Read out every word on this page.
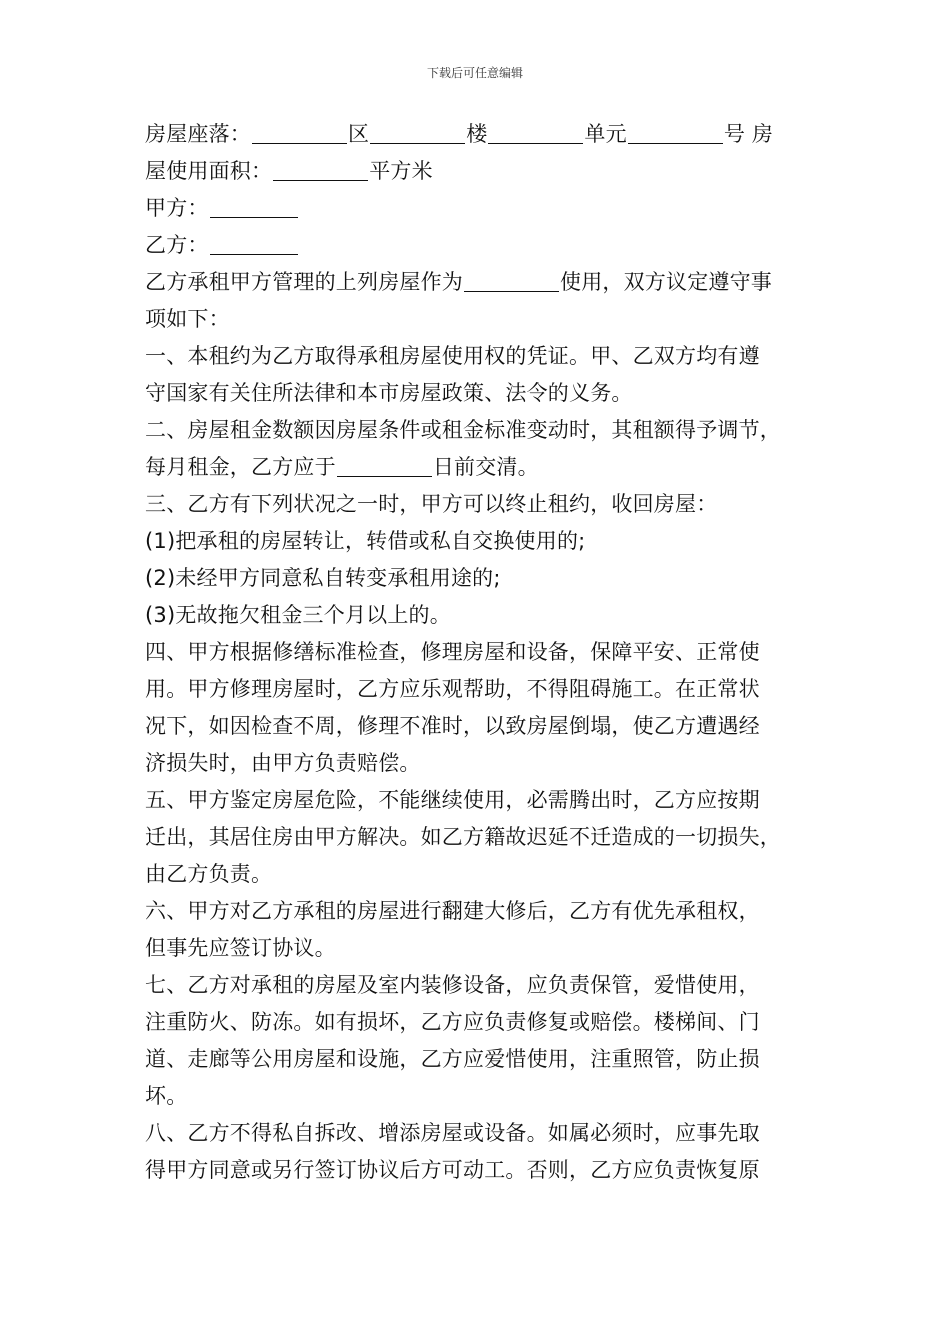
下载后可任意编辑
房屋座落：	区	楼	单元	号 房
屋使用面积：	平方米
甲方：
乙方：
乙方承租甲方管理的上列房屋作为	使用，双方议定遵守事
项如下：
一、本租约为乙方取得承租房屋使用权的凭证。甲、乙双方均有遵
守国家有关住所法律和本市房屋政策、法令的义务。
二、房屋租金数额因房屋条件或租金标准变动时，其租额得予调节，
每月租金，乙方应于	日前交清。
三、乙方有下列状况之一时，甲方可以终止租约，收回房屋：
(1)把承租的房屋转让，转借或私自交换使用的;
(2)未经甲方同意私自转变承租用途的;
(3)无故拖欠租金三个月以上的。
四、甲方根据修缮标准检查，修理房屋和设备，保障平安、正常使
用。甲方修理房屋时，乙方应乐观帮助，不得阻碍施工。在正常状
况下，如因检查不周，修理不准时，以致房屋倒塌，使乙方遭遇经
济损失时，由甲方负责赔偿。
五、甲方鉴定房屋危险，不能继续使用，必需腾出时，乙方应按期
迁出，其居住房由甲方解决。如乙方籍故迟延不迁造成的一切损失，
由乙方负责。
六、甲方对乙方承租的房屋进行翻建大修后，乙方有优先承租权，
但事先应签订协议。
七、乙方对承租的房屋及室内装修设备，应负责保管，爱惜使用，
注重防火、防冻。如有损坏，乙方应负责修复或赔偿。楼梯间、门
道、走廊等公用房屋和设施，乙方应爱惜使用，注重照管，防止损
坏。
八、乙方不得私自拆改、增添房屋或设备。如属必须时，应事先取
得甲方同意或另行签订协议后方可动工。否则，乙方应负责恢复原
